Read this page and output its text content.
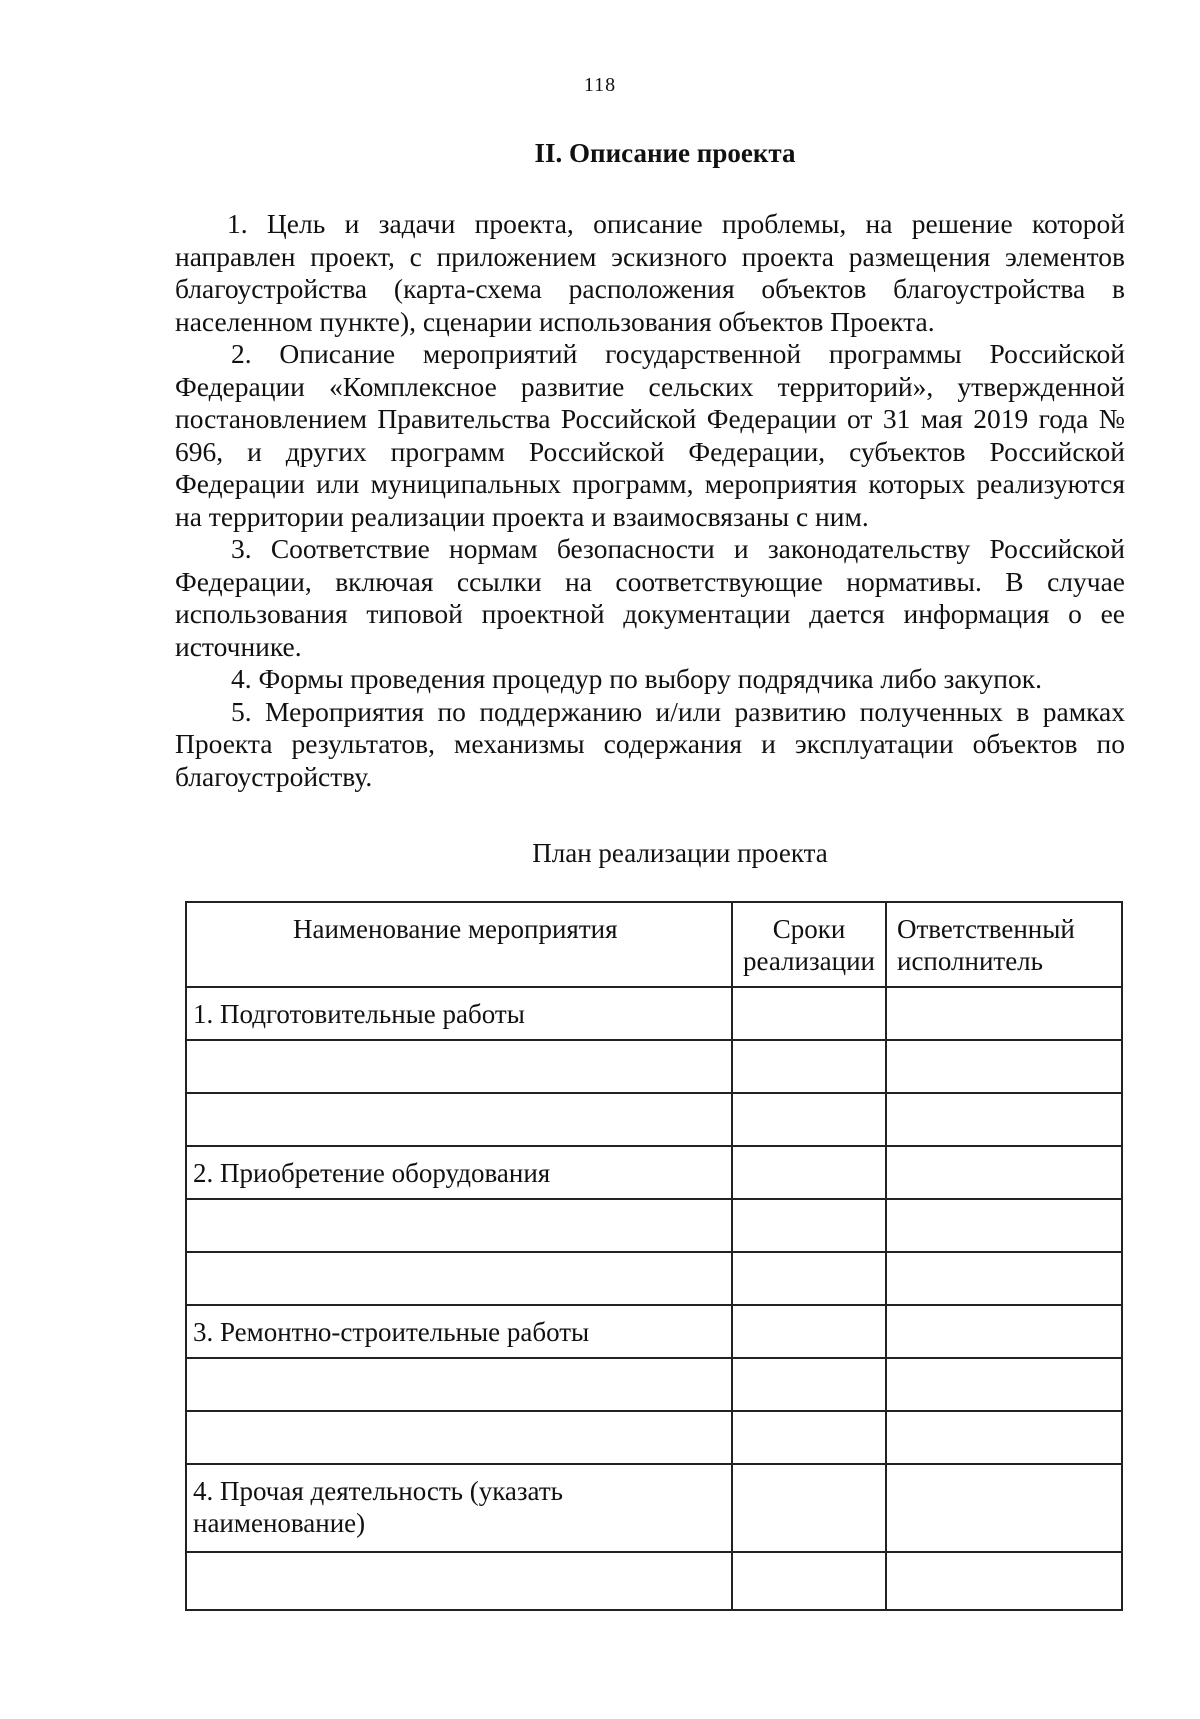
118
II. Описание проекта

1. Цель и задачи проекта, описание проблемы, на решение которой направлен проект, с приложением эскизного проекта размещения элементов благоустройства (карта-схема расположения объектов благоустройства в населенном пункте), сценарии использования объектов Проекта.

2. Описание мероприятий государственной программы Российской Федерации «Комплексное развитие сельских территорий», утвержденной постановлением Правительства Российской Федерации от 31 мая 2019 года № 696, и других программ Российской Федерации, субъектов Российской Федерации или муниципальных программ, мероприятия которых реализуются на территории реализации проекта и взаимосвязаны с ним.

3. Соответствие нормам безопасности и законодательству Российской Федерации, включая ссылки на соответствующие нормативы. В случае использования типовой проектной документации дается информация о ее источнике.

4. Формы проведения процедур по выбору подрядчика либо закупок.

5. Мероприятия по поддержанию и/или развитию полученных в рамках Проекта результатов, механизмы содержания и эксплуатации объектов по благоустройству.

План реализации проекта
Наименование мероприятия	Сроки реализации	Ответственный исполнитель
1. Подготовительные работы		

2. Приобретение оборудования		

3. Ремонтно-строительные работы		

4. Прочая деятельность (указать наименование)		
